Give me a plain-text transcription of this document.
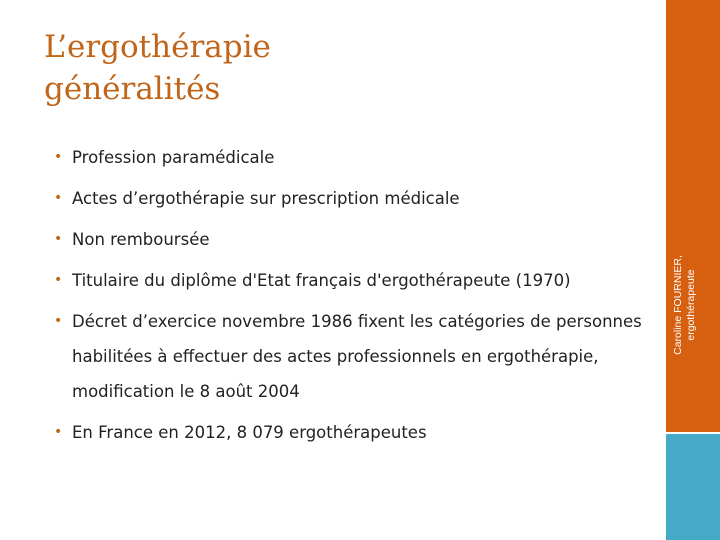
L’ergothérapie
généralités
• Profession paramédicale
• Actes d’ergothérapie sur prescription médicale
• Non remboursée
• Titulaire du diplôme d'Etat français d'ergothérapeute (1970)
• Décret d’exercice novembre 1986 fixent les catégories de personnes habilitées à effectuer des actes professionnels en ergothérapie, modification le 8 août 2004
• En France en 2012, 8 079 ergothérapeutes
Caroline FOURNIER, ergothérapeute
